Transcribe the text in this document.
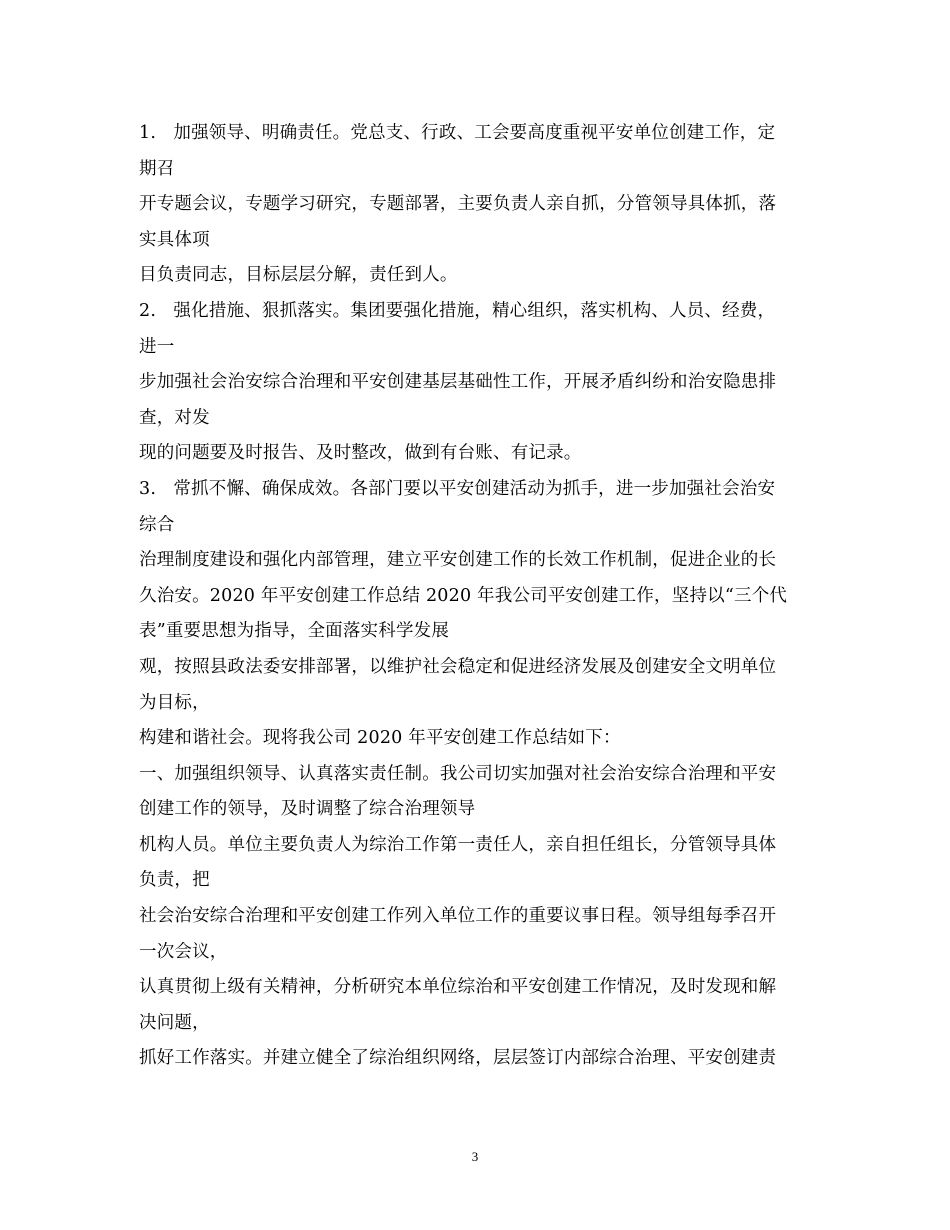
1.   加强领导、明确责任。党总支、行政、工会要高度重视平安单位创建工作，定
期召
开专题会议，专题学习研究，专题部署，主要负责人亲自抓，分管领导具体抓，落
实具体项
目负责同志，目标层层分解，责任到人。
2.   强化措施、狠抓落实。集团要强化措施，精心组织，落实机构、人员、经费，
进一
步加强社会治安综合治理和平安创建基层基础性工作，开展矛盾纠纷和治安隐患排
查，对发
现的问题要及时报告、及时整改，做到有台账、有记录。
3.   常抓不懈、确保成效。各部门要以平安创建活动为抓手，进一步加强社会治安
综合
治理制度建设和强化内部管理，建立平安创建工作的长效工作机制，促进企业的长
久治安。2020 年平安创建工作总结 2020 年我公司平安创建工作，坚持以“三个代
表”重要思想为指导，全面落实科学发展
观，按照县政法委安排部署，以维护社会稳定和促进经济发展及创建安全文明单位
为目标，
构建和谐社会。现将我公司 2020 年平安创建工作总结如下：
一、加强组织领导、认真落实责任制。我公司切实加强对社会治安综合治理和平安
创建工作的领导，及时调整了综合治理领导
机构人员。单位主要负责人为综治工作第一责任人，亲自担任组长，分管领导具体
负责，把
社会治安综合治理和平安创建工作列入单位工作的重要议事日程。领导组每季召开
一次会议，
认真贯彻上级有关精神，分析研究本单位综治和平安创建工作情况，及时发现和解
决问题，
抓好工作落实。并建立健全了综治组织网络，层层签订内部综合治理、平安创建责
3
